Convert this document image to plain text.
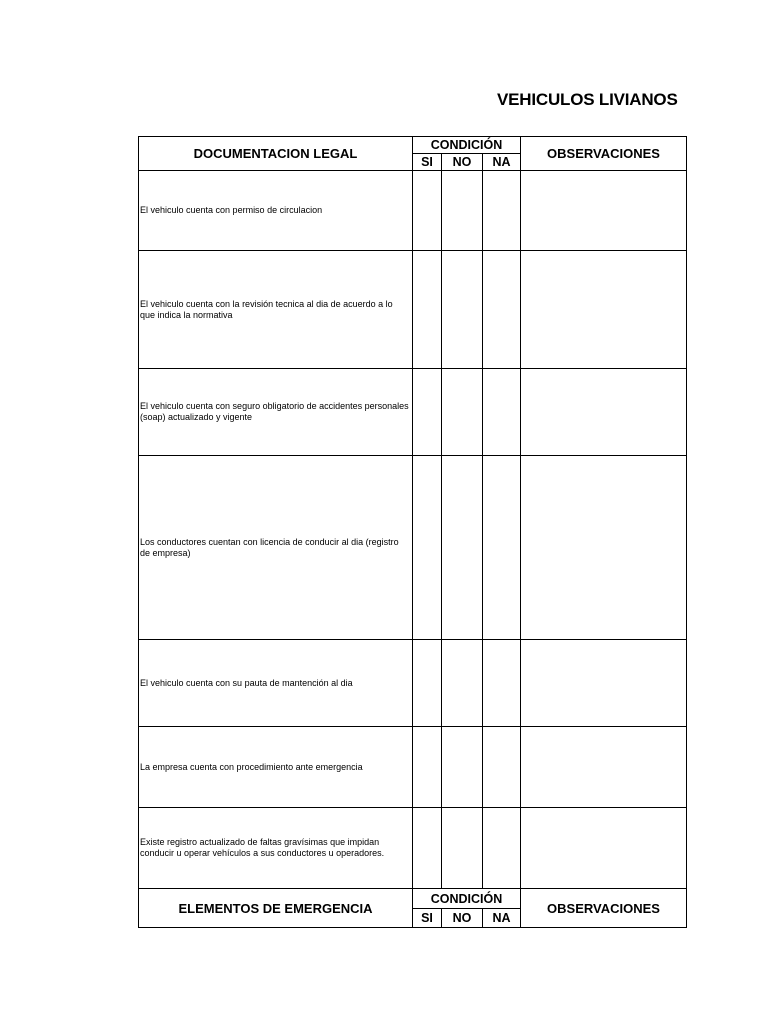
VEHICULOS LIVIANOS
DOCUMENTACION LEGAL	CONDICIÓN			OBSERVACIONES
	SI	NO	NA	
El vehiculo cuenta con permiso de circulacion				
El vehiculo cuenta con la revisión tecnica al dia de acuerdo a lo que indica la normativa				
El vehiculo cuenta con seguro obligatorio de accidentes personales (soap) actualizado y vigente				
Los conductores cuentan con licencia de conducir al dia (registro de empresa)				
El vehiculo cuenta con su pauta de mantención al dia				
La empresa cuenta con procedimiento ante emergencia				
Existe registro actualizado de faltas gravísimas que impidan conducir u operar vehículos a sus conductores u operadores.				
ELEMENTOS DE EMERGENCIA	CONDICIÓN			OBSERVACIONES
	SI	NO	NA	
